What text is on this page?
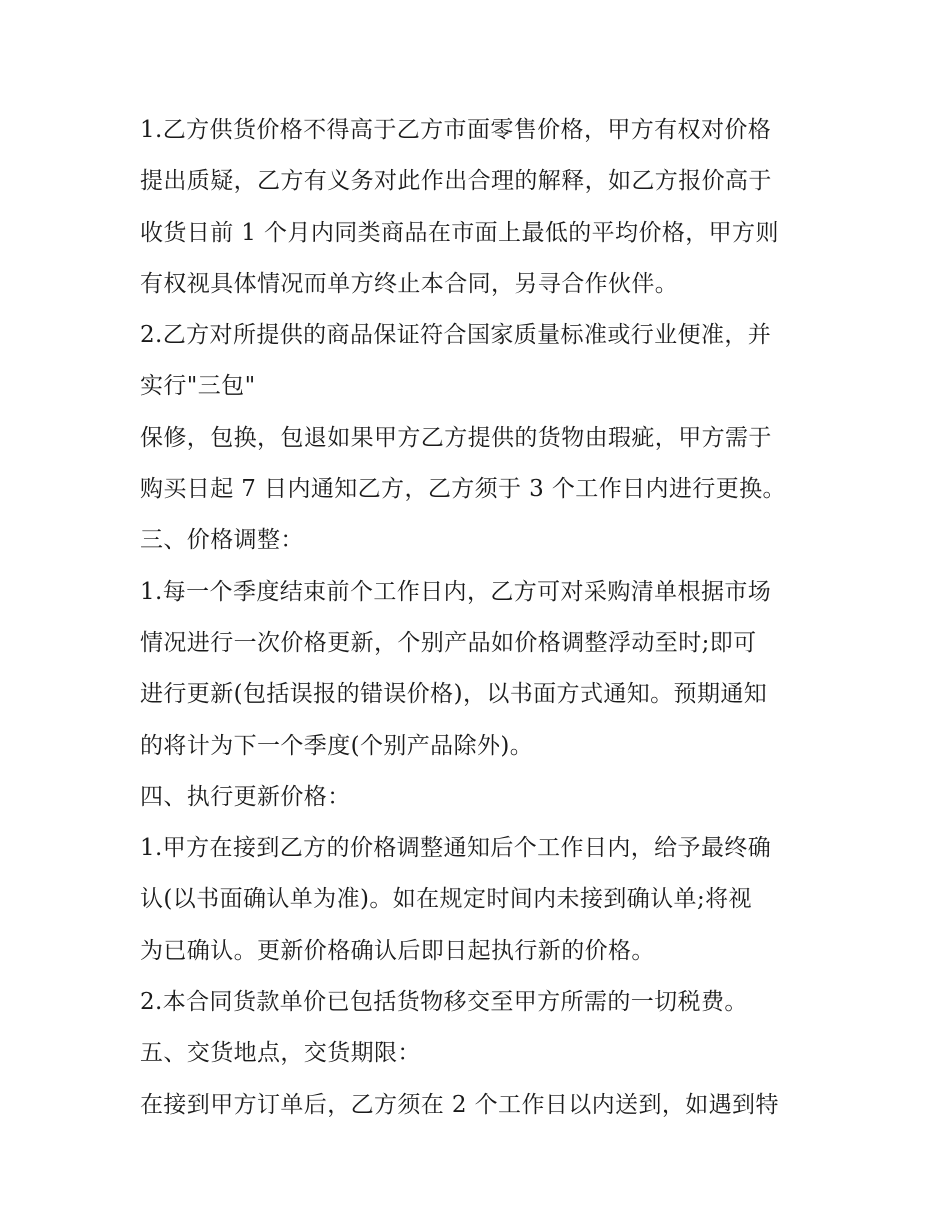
1.乙方供货价格不得高于乙方市面零售价格，甲方有权对价格
提出质疑，乙方有义务对此作出合理的解释，如乙方报价高于
收货日前 1 个月内同类商品在市面上最低的平均价格，甲方则
有权视具体情况而单方终止本合同，另寻合作伙伴。
2.乙方对所提供的商品保证符合国家质量标准或行业便准，并
实行"三包"
保修，包换，包退如果甲方乙方提供的货物由瑕疵，甲方需于
购买日起 7 日内通知乙方，乙方须于 3 个工作日内进行更换。
三、价格调整：
1.每一个季度结束前个工作日内，乙方可对采购清单根据市场
情况进行一次价格更新，个别产品如价格调整浮动至时;即可
进行更新(包括误报的错误价格)，以书面方式通知。预期通知
的将计为下一个季度(个别产品除外)。
四、执行更新价格：
1.甲方在接到乙方的价格调整通知后个工作日内，给予最终确
认(以书面确认单为准)。如在规定时间内未接到确认单;将视
为已确认。更新价格确认后即日起执行新的价格。
2.本合同货款单价已包括货物移交至甲方所需的一切税费。
五、交货地点，交货期限：
在接到甲方订单后，乙方须在 2 个工作日以内送到，如遇到特
